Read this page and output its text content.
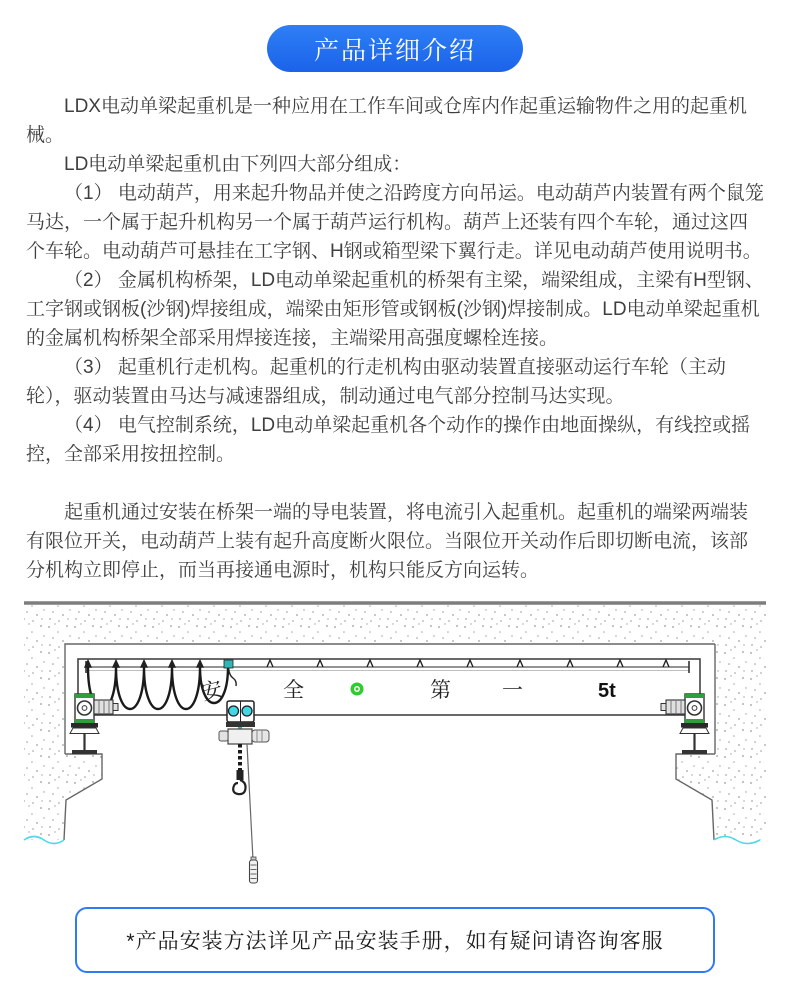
产品详细介绍

LDX电动单梁起重机是一种应用在工作车间或仓库内作起重运输物件之用的起重机械。

LD电动单梁起重机由下列四大部分组成：

（1） 电动葫芦，用来起升物品并使之沿跨度方向吊运。电动葫芦内装置有两个鼠笼马达，一个属于起升机构另一个属于葫芦运行机构。葫芦上还装有四个车轮，通过这四个车轮。电动葫芦可悬挂在工字钢、H钢或箱型梁下翼行走。详见电动葫芦使用说明书。

（2） 金属机构桥架，LD电动单梁起重机的桥架有主梁，端梁组成，主梁有H型钢、工字钢或钢板(沙钢)焊接组成，端梁由矩形管或钢板(沙钢)焊接制成。LD电动单梁起重机的金属机构桥架全部采用焊接连接，主端梁用高强度螺栓连接。

（3） 起重机行走机构。起重机的行走机构由驱动装置直接驱动运行车轮（主动轮），驱动装置由马达与减速器组成，制动通过电气部分控制马达实现。

（4） 电气控制系统，LD电动单梁起重机各个动作的操作由地面操纵，有线控或摇控，全部采用按扭控制。

起重机通过安装在桥架一端的导电装置，将电流引入起重机。起重机的端梁两端装有限位开关，电动葫芦上装有起升高度断火限位。当限位开关动作后即切断电流，该部分机构立即停止，而当再接通电源时，机构只能反方向运转。

安	全	第 一	5t
*产品安装方法详见产品安装手册，如有疑问请咨询客服
